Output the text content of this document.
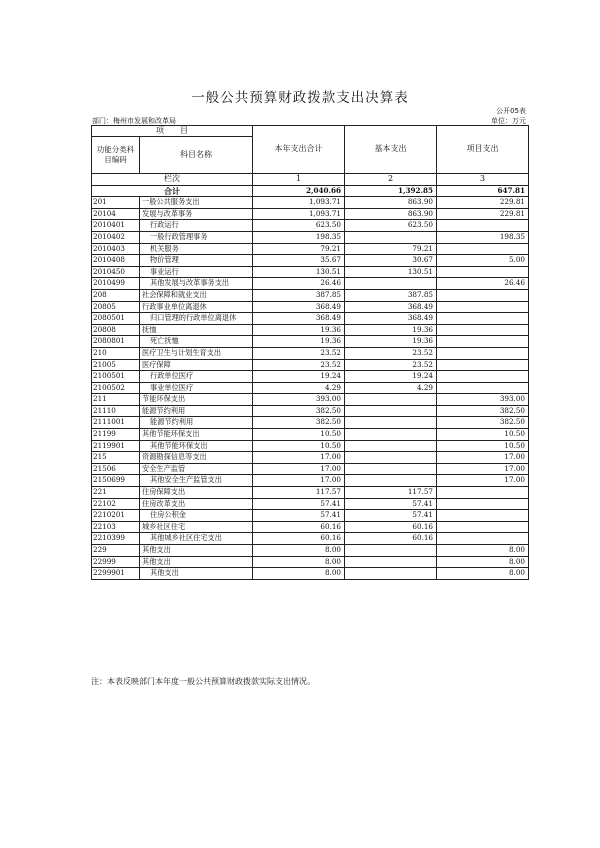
一般公共预算财政拨款支出决算表
公开05表
部门：梅州市发展和改革局	单位：万元
项　　目		本年支出合计	基本支出	项目支出
功能分类科目编码	科目名称			
栏次		1	2	3
合计		2,040.66	1,392.85	647.81
201	一般公共服务支出	1,093.71	863.90	229.81
20104	发展与改革事务	1,093.71	863.90	229.81
2010401	行政运行	623.50	623.50	
2010402	一般行政管理事务	198.35		198.35
2010403	机关服务	79.21	79.21	
2010408	物价管理	35.67	30.67	5.00
2010450	事业运行	130.51	130.51	
2010499	其他发展与改革事务支出	26.46		26.46
208	社会保障和就业支出	387.85	387.85	
20805	行政事业单位离退休	368.49	368.49	
2080501	归口管理的行政单位离退休	368.49	368.49	
20808	抚恤	19.36	19.36	
2080801	死亡抚恤	19.36	19.36	
210	医疗卫生与计划生育支出	23.52	23.52	
21005	医疗保障	23.52	23.52	
2100501	行政单位医疗	19.24	19.24	
2100502	事业单位医疗	4.29	4.29	
211	节能环保支出	393.00		393.00
21110	能源节约利用	382.50		382.50
2111001	能源节约利用	382.50		382.50
21199	其他节能环保支出	10.50		10.50
2119901	其他节能环保支出	10.50		10.50
215	资源勘探信息等支出	17.00		17.00
21506	安全生产监管	17.00		17.00
2150699	其他安全生产监管支出	17.00		17.00
221	住房保障支出	117.57	117.57	
22102	住房改革支出	57.41	57.41	
2210201	住房公积金	57.41	57.41	
22103	城乡社区住宅	60.16	60.16	
2210399	其他城乡社区住宅支出	60.16	60.16	
229	其他支出	8.00		8.00
22999	其他支出	8.00		8.00
2299901	其他支出	8.00		8.00
注：本表反映部门本年度一般公共预算财政拨款实际支出情况。
